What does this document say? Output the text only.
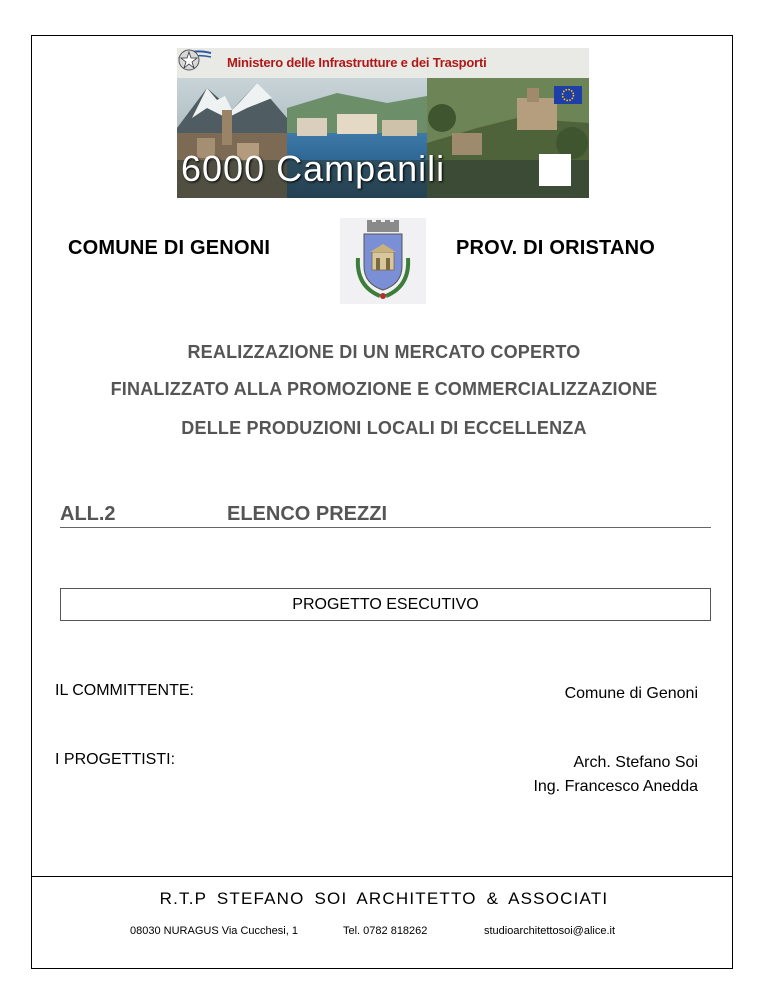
Ministero delle Infrastrutture e dei Trasporti
6000 Campanili
COMUNE DI GENONI	PROV. DI ORISTANO
REALIZZAZIONE DI UN MERCATO COPERTO
FINALIZZATO ALLA PROMOZIONE E COMMERCIALIZZAZIONE
DELLE PRODUZIONI LOCALI DI ECCELLENZA
ALL.2	ELENCO PREZZI
PROGETTO ESECUTIVO
IL COMMITTENTE:	Comune di Genoni
I PROGETTISTI:	Arch. Stefano Soi
Ing. Francesco Anedda
R.T.P STEFANO SOI ARCHITETTO & ASSOCIATI
08030 NURAGUS Via Cucchesi, 1	Tel. 0782 818262	studioarchitettosoi@alice.it
